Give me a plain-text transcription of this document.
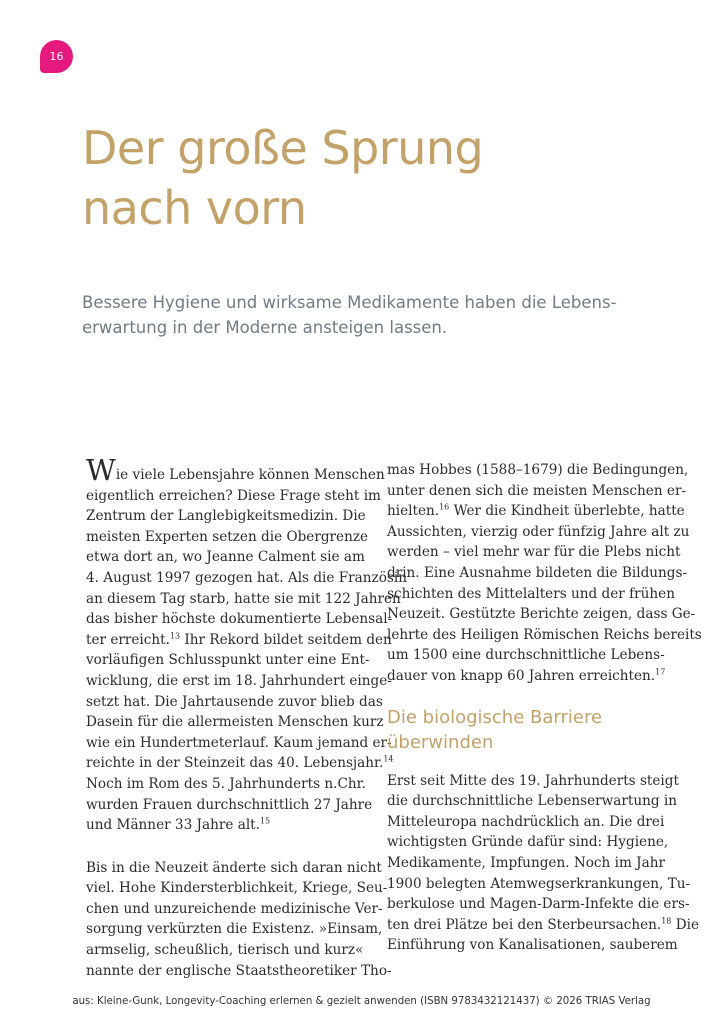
16
Der große Sprung
nach vorn
Bessere Hygiene und wirksame Medikamente haben die Lebens-
erwartung in der Moderne ansteigen lassen.
Wie viele Lebensjahre können Menschen
eigentlich erreichen? Diese Frage steht im
Zentrum der Langlebigkeitsmedizin. Die
meisten Experten setzen die Obergrenze
etwa dort an, wo Jeanne Calment sie am
4. August 1997 gezogen hat. Als die Französin
an diesem Tag starb, hatte sie mit 122 Jahren
das bisher höchste dokumentierte Lebensal-
ter erreicht.$^{13}$ Ihr Rekord bildet seitdem den
vorläufigen Schlusspunkt unter eine Ent-
wicklung, die erst im 18. Jahrhundert einge-
setzt hat. Die Jahrtausende zuvor blieb das
Dasein für die allermeisten Menschen kurz
wie ein Hundertmeterlauf. Kaum jemand er-
reichte in der Steinzeit das 40. Lebensjahr.$^{14}$
Noch im Rom des 5. Jahrhunderts n.Chr.
wurden Frauen durchschnittlich 27 Jahre
und Männer 33 Jahre alt.$^{15}$
Bis in die Neuzeit änderte sich daran nicht
viel. Hohe Kindersterblichkeit, Kriege, Seu-
chen und unzureichende medizinische Ver-
sorgung verkürzten die Existenz. »Einsam,
armselig, scheußlich, tierisch und kurz«
nannte der englische Staatstheoretiker Tho-
mas Hobbes (1588–1679) die Bedingungen,
unter denen sich die meisten Menschen er-
hielten.$^{16}$ Wer die Kindheit überlebte, hatte
Aussichten, vierzig oder fünfzig Jahre alt zu
werden – viel mehr war für die Plebs nicht
drin. Eine Ausnahme bildeten die Bildungs-
schichten des Mittelalters und der frühen
Neuzeit. Gestützte Berichte zeigen, dass Ge-
lehrte des Heiligen Römischen Reichs bereits
um 1500 eine durchschnittliche Lebens-
dauer von knapp 60 Jahren erreichten.$^{17}$
Die biologische Barriere
überwinden
Erst seit Mitte des 19. Jahrhunderts steigt
die durchschnittliche Lebenserwartung in
Mitteleuropa nachdrücklich an. Die drei
wichtigsten Gründe dafür sind: Hygiene,
Medikamente, Impfungen. Noch im Jahr
1900 belegten Atemwegserkrankungen, Tu-
berkulose und Magen-Darm-Infekte die ers-
ten drei Plätze bei den Sterbeursachen.$^{18}$ Die
Einführung von Kanalisationen, sauberem
aus: Kleine-Gunk, Longevity-Coaching erlernen & gezielt anwenden (ISBN 9783432121437) © 2026 TRIAS Verlag
